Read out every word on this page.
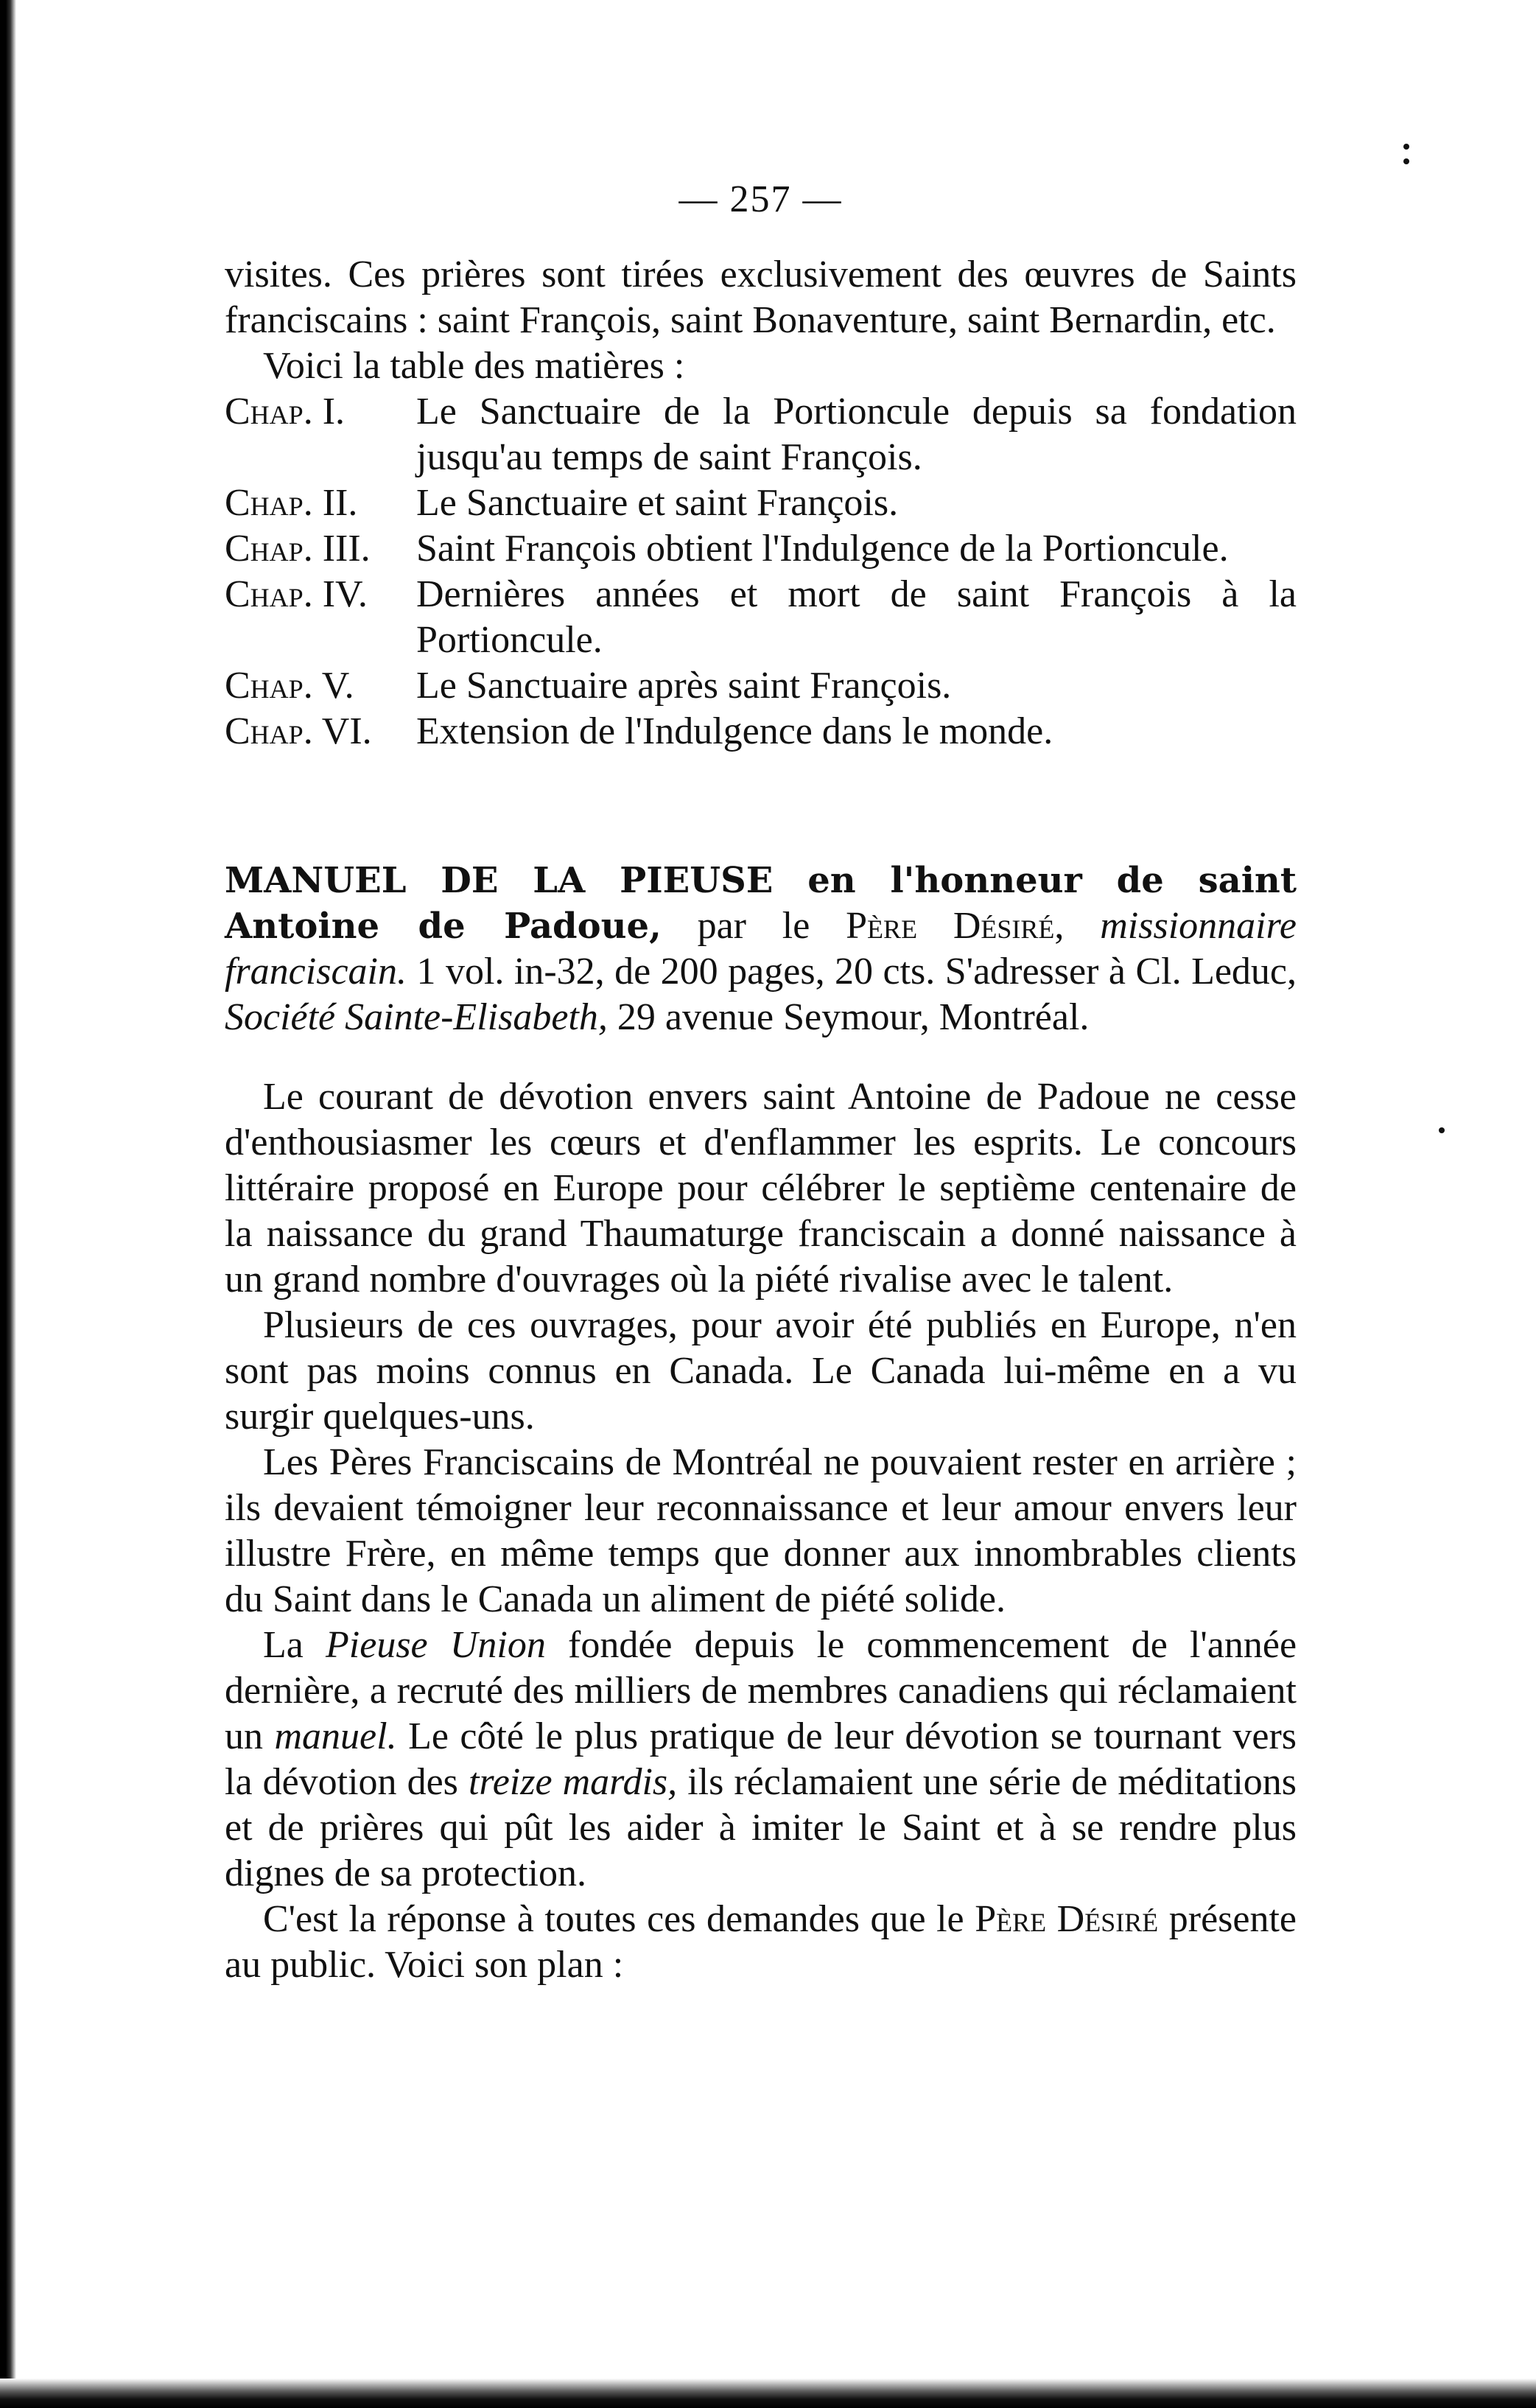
— 257 —

visites. Ces prières sont tirées exclusivement des œuvres de Saints franciscains : saint François, saint Bonaventure, saint Bernardin, etc.

Voici la table des matières :

Chap. I.	Le Sanctuaire de la Portioncule depuis sa fondation jusqu'au temps de saint François.
Chap. II.	Le Sanctuaire et saint François.
Chap. III.	Saint François obtient l'Indulgence de la Portioncule.
Chap. IV.	Dernières années et mort de saint François à la Portioncule.
Chap. V.	Le Sanctuaire après saint François.
Chap. VI.	Extension de l'Indulgence dans le monde.

MANUEL DE LA PIEUSE en l'honneur de saint Antoine de Padoue, par le Père Désiré, missionnaire franciscain. 1 vol. in-32, de 200 pages, 20 cts. S'adresser à Cl. Leduc, Société Sainte-Elisabeth, 29 avenue Seymour, Montréal.

Le courant de dévotion envers saint Antoine de Padoue ne cesse d'enthousiasmer les cœurs et d'enflammer les esprits. Le concours littéraire proposé en Europe pour célébrer le septième centenaire de la naissance du grand Thaumaturge franciscain a donné naissance à un grand nombre d'ouvrages où la piété rivalise avec le talent.

Plusieurs de ces ouvrages, pour avoir été publiés en Europe, n'en sont pas moins connus en Canada. Le Canada lui-même en a vu surgir quelques-uns.

Les Pères Franciscains de Montréal ne pouvaient rester en arrière ; ils devaient témoigner leur reconnaissance et leur amour envers leur illustre Frère, en même temps que donner aux innombrables clients du Saint dans le Canada un aliment de piété solide.

La Pieuse Union fondée depuis le commencement de l'année dernière, a recruté des milliers de membres canadiens qui réclamaient un manuel. Le côté le plus pratique de leur dévotion se tournant vers la dévotion des treize mardis, ils réclamaient une série de méditations et de prières qui pût les aider à imiter le Saint et à se rendre plus dignes de sa protection.

C'est la réponse à toutes ces demandes que le Père Désiré présente au public. Voici son plan :
